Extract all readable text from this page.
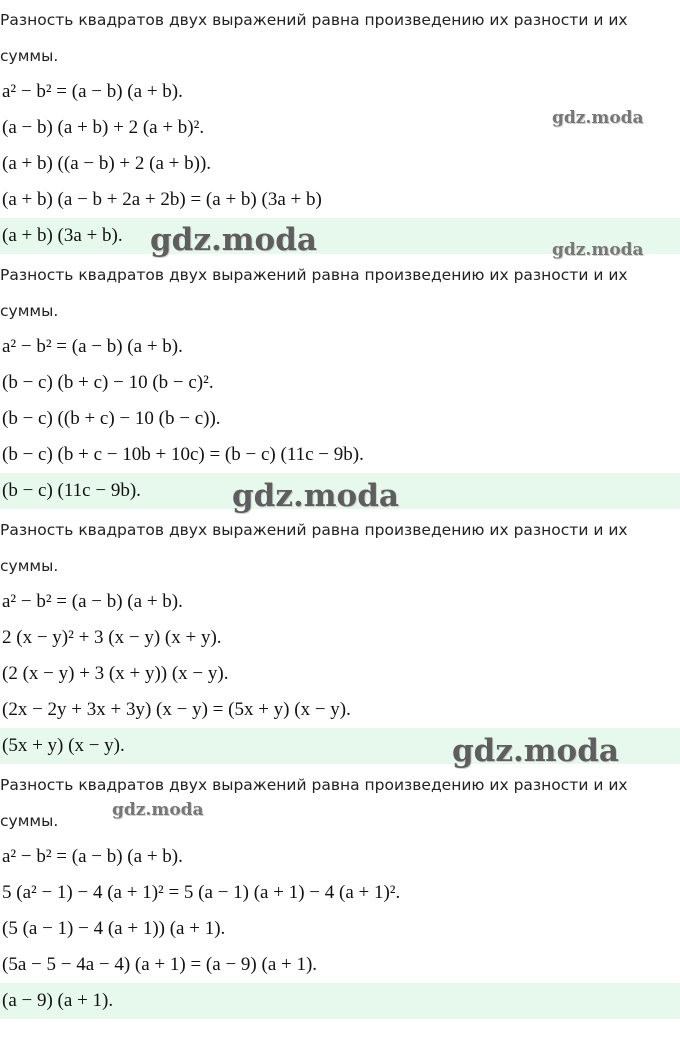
Разность квадратов двух выражений равна произведению их разности и их суммы.

a² − b² = (a − b) (a + b).
(a − b) (a + b) + 2 (a + b)².
(a + b) ((a − b) + 2 (a + b)).
(a + b) (a − b + 2a + 2b) = (a + b) (3a + b)
(a + b) (3a + b).

Разность квадратов двух выражений равна произведению их разности и их суммы.

a² − b² = (a − b) (a + b).
(b − c) (b + c) − 10 (b − c)².
(b − c) ((b + c) − 10 (b − c)).
(b − c) (b + c − 10b + 10c) = (b − c) (11c − 9b).
(b − c) (11c − 9b).

Разность квадратов двух выражений равна произведению их разности и их суммы.

a² − b² = (a − b) (a + b).
2 (x − y)² + 3 (x − y) (x + y).
(2 (x − y) + 3 (x + y)) (x − y).
(2x − 2y + 3x + 3y) (x − y) = (5x + y) (x − y).
(5x + y) (x − y).

Разность квадратов двух выражений равна произведению их разности и их суммы.

a² − b² = (a − b) (a + b).
5 (a² − 1) − 4 (a + 1)² = 5 (a − 1) (a + 1) − 4 (a + 1)².
(5 (a − 1) − 4 (a + 1)) (a + 1).
(5a − 5 − 4a − 4) (a + 1) = (a − 9) (a + 1).
(a − 9) (a + 1).
gdz.moda
gdz.moda	gdz.moda
gdz.moda
gdz.moda
gdz.moda
